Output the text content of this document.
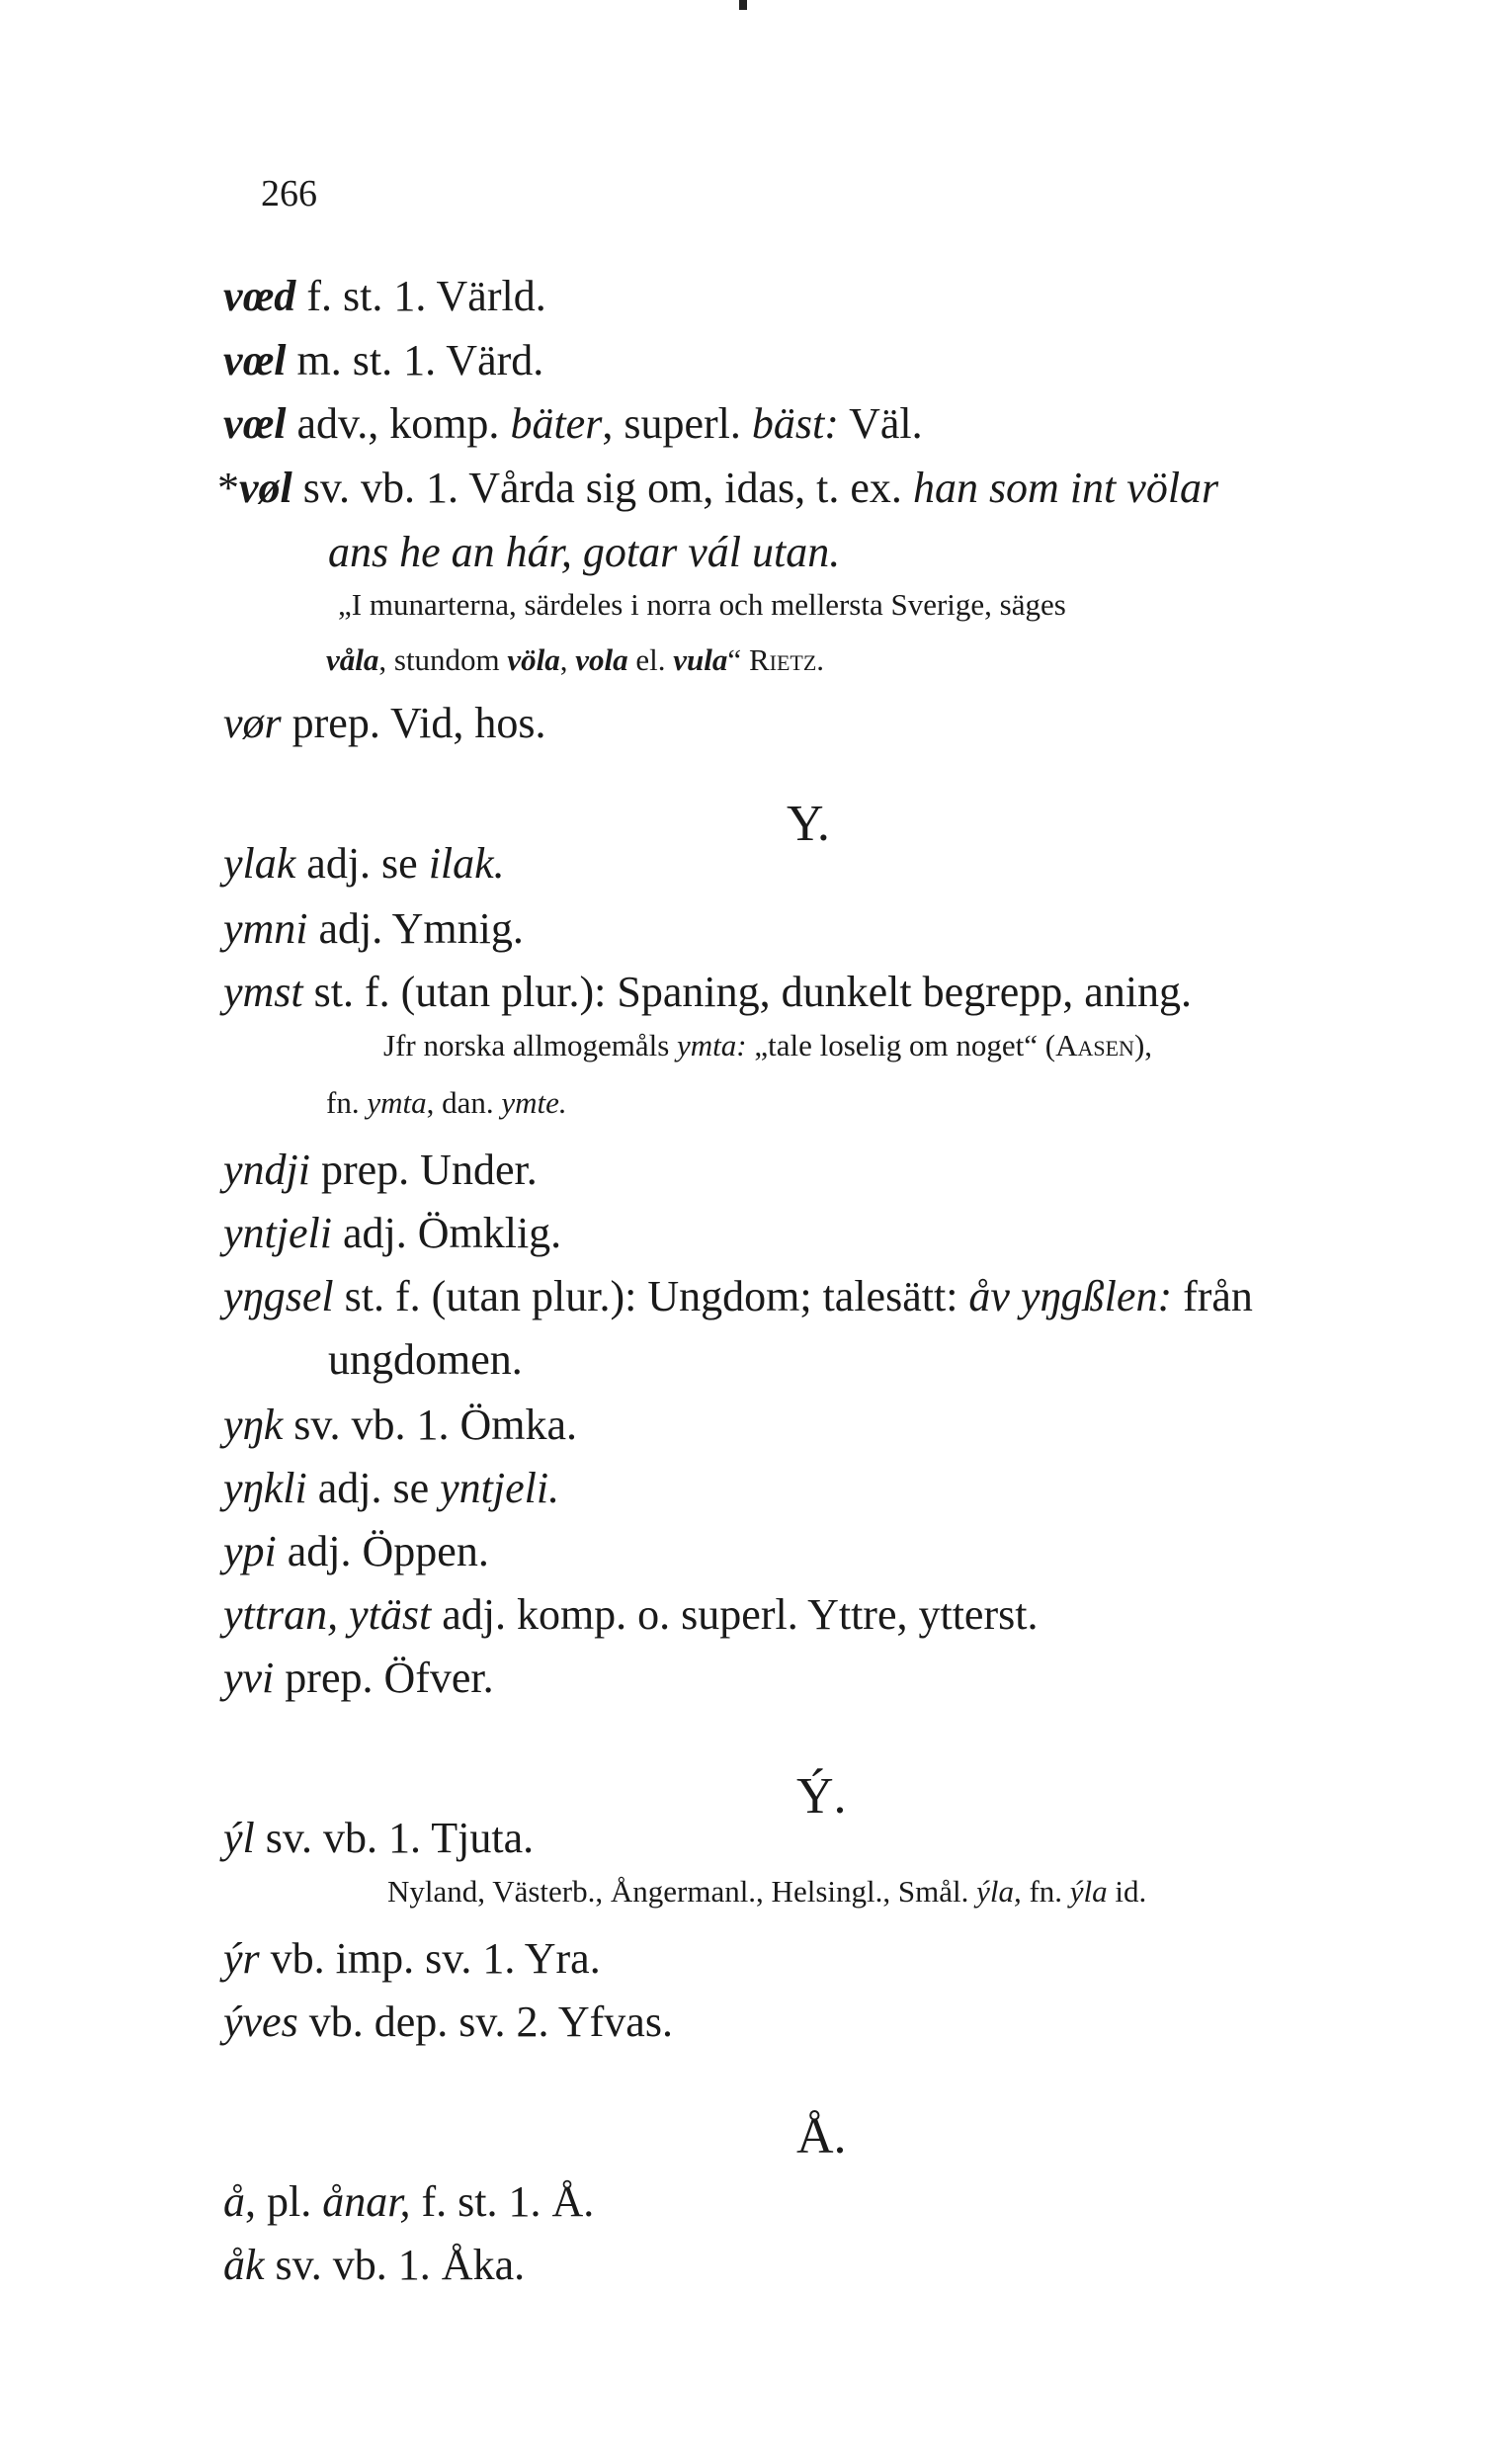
266
vœd f. st. 1. Värld.
vœl m. st. 1. Värd.
vœl adv., komp. bäter, superl. bäst: Väl.
*vøl sv. vb. 1. Vårda sig om, idas, t. ex. han som int völar
ans he an hár, gotar vál utan.
„I munarterna, särdeles i norra och mellersta Sverige, säges
våla, stundom völa, vola el. vula“ Rietz.
vør prep. Vid, hos.
Y.
ylak adj. se ilak.
ymni adj. Ymnig.
ymst st. f. (utan plur.): Spaning, dunkelt begrepp, aning.
Jfr norska allmogemåls ymta: „tale loselig om noget“ (Aasen),
fn. ymta, dan. ymte.
yndji prep. Under.
yntjeli adj. Ömklig.
yŋgsel st. f. (utan plur.): Ungdom; talesätt: åv yŋgßlen: från
ungdomen.
yŋk sv. vb. 1. Ömka.
yŋkli adj. se yntjeli.
ypi adj. Öppen.
yttran, ytäst adj. komp. o. superl. Yttre, ytterst.
yvi prep. Öfver.
Ý.
ýl sv. vb. 1. Tjuta.
Nyland, Västerb., Ångermanl., Helsingl., Smål. ýla, fn. ýla id.
ýr vb. imp. sv. 1. Yra.
ýves vb. dep. sv. 2. Yfvas.
Å.
å, pl. ånar, f. st. 1. Å.
åk sv. vb. 1. Åka.
